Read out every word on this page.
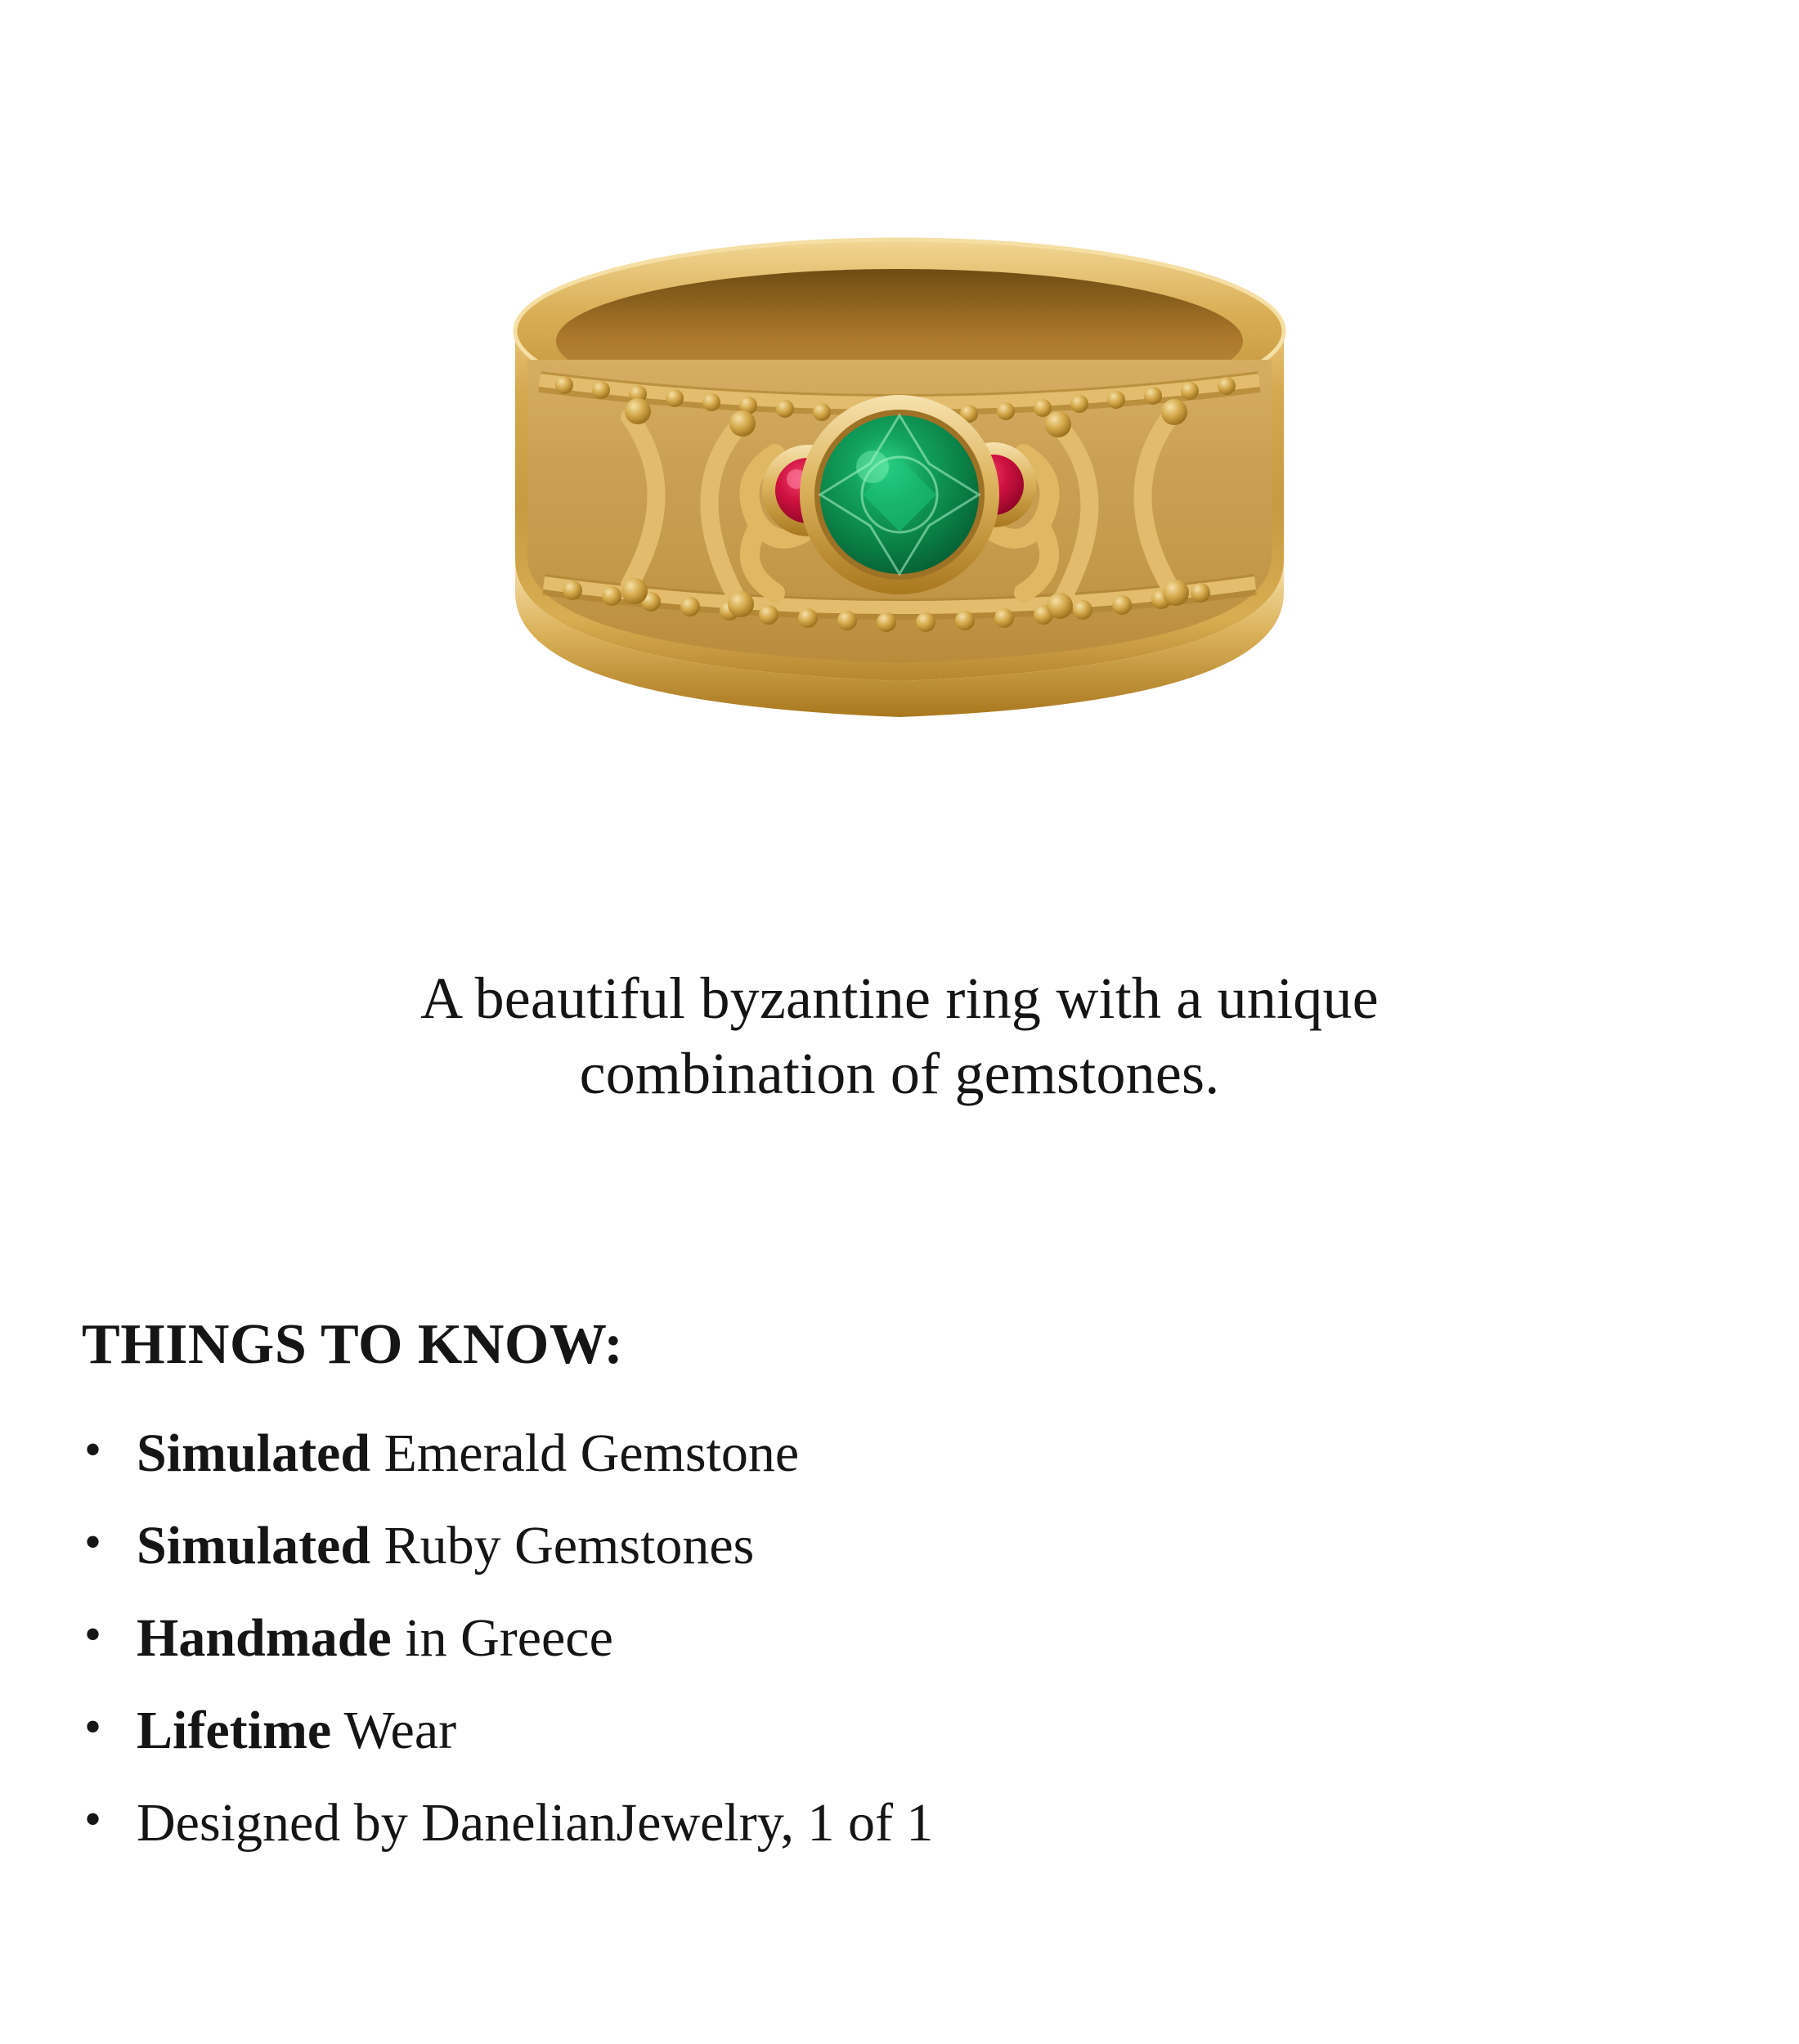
A beautiful byzantine ring with a unique
combination of gemstones.
THINGS TO KNOW:
• Simulated Emerald Gemstone
• Simulated Ruby Gemstones
• Handmade in Greece
• Lifetime Wear
• Designed by DanelianJewelry, 1 of 1
